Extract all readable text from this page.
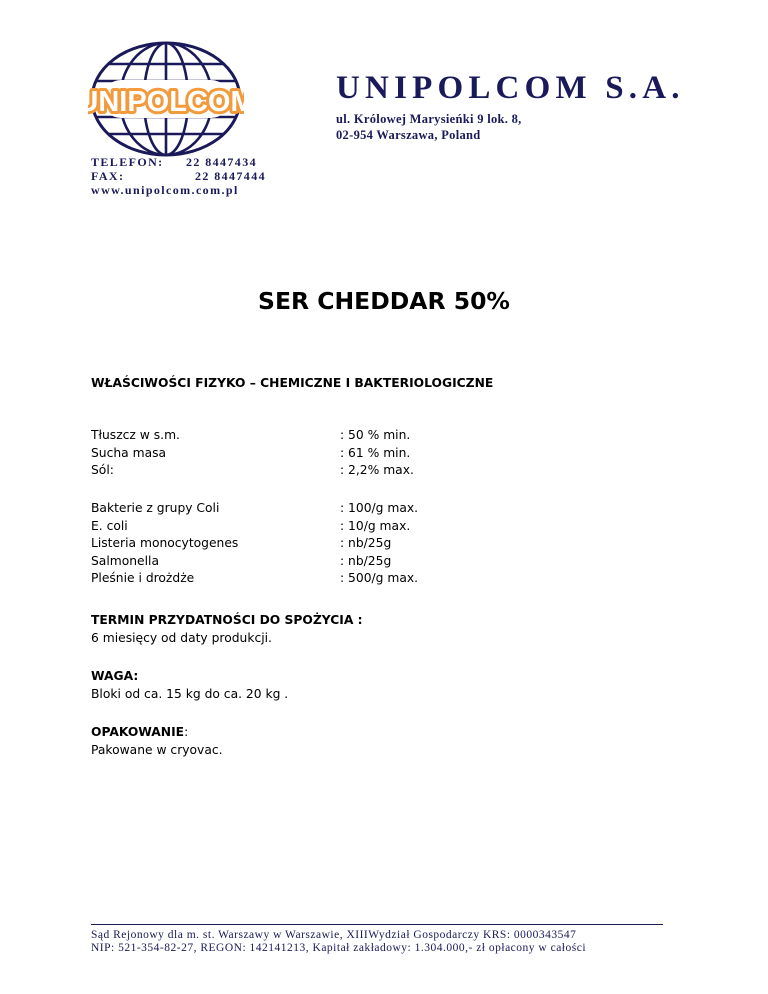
NIPOLCOM
NIPOLCOM UNIPOLCOM S.A.
ul. Królowej Marysieńki 9 lok. 8,
02-954 Warszawa, Poland
TELEFON: 22 8447434
FAX:	22 8447444
www.unipolcom.com.pl
SER CHEDDAR 50%
WŁAŚCIWOŚCI FIZYKO – CHEMICZNE I BAKTERIOLOGICZNE
Tłuszcz w s.m.	: 50 % min.
Sucha masa	: 61 % min.
Sól:	: 2,2% max.
Bakterie z grupy Coli	: 100/g max.
E. coli	: 10/g max.
Listeria monocytogenes	: nb/25g
Salmonella	: nb/25g
Pleśnie i drożdże	: 500/g max.
TERMIN PRZYDATNOŚCI DO SPOŻYCIA :
6 miesięcy od daty produkcji.
WAGA:
Bloki od ca. 15 kg do ca. 20 kg .
OPAKOWANIE:
Pakowane w cryovac.
Sąd Rejonowy dla m. st. Warszawy w Warszawie, XIIIWydział Gospodarczy KRS: 0000343547
NIP: 521-354-82-27, REGON: 142141213, Kapitał zakładowy: 1.304.000,- zł opłacony w całości
